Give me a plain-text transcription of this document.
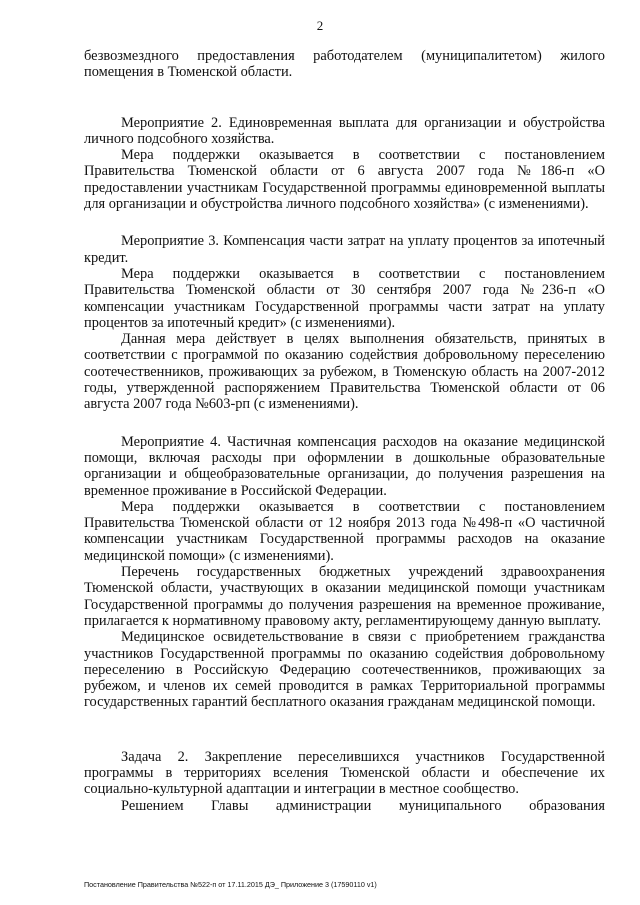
2

безвозмездного предоставления работодателем (муниципалитетом) жилого помещения в Тюменской области.

Мероприятие 2. Единовременная выплата для организации и обустройства личного подсобного хозяйства.

Мера поддержки оказывается в соответствии с постановлением Правительства Тюменской области от 6 августа 2007 года №186-п «О предоставлении участникам Государственной программы единовременной выплаты для организации и обустройства личного подсобного хозяйства» (с изменениями).

Мероприятие 3. Компенсация части затрат на уплату процентов за ипотечный кредит.

Мера поддержки оказывается в соответствии с постановлением Правительства Тюменской области от 30 сентября 2007 года №236-п «О компенсации участникам Государственной программы части затрат на уплату процентов за ипотечный кредит» (с изменениями).

Данная мера действует в целях выполнения обязательств, принятых в соответствии с программой по оказанию содействия добровольному переселению соотечественников, проживающих за рубежом, в Тюменскую область на 2007-2012 годы, утвержденной распоряжением Правительства Тюменской области от 06 августа 2007 года №603-рп (с изменениями).

Мероприятие 4. Частичная компенсация расходов на оказание медицинской помощи, включая расходы при оформлении в дошкольные образовательные организации и общеобразовательные организации, до получения разрешения на временное проживание в Российской Федерации.

Мера поддержки оказывается в соответствии с постановлением Правительства Тюменской области от 12 ноября 2013 года №498-п «О частичной компенсации участникам Государственной программы расходов на оказание медицинской помощи» (с изменениями).

Перечень государственных бюджетных учреждений здравоохранения Тюменской области, участвующих в оказании медицинской помощи участникам Государственной программы до получения разрешения на временное проживание, прилагается к нормативному правовому акту, регламентирующему данную выплату.

Медицинское освидетельствование в связи с приобретением гражданства участников Государственной программы по оказанию содействия добровольному переселению в Российскую Федерацию соотечественников, проживающих за рубежом, и членов их семей проводится в рамках Территориальной программы государственных гарантий бесплатного оказания гражданам медицинской помощи.

Задача 2. Закрепление переселившихся участников Государственной программы в территориях вселения Тюменской области и обеспечение их социально-культурной адаптации и интеграции в местное сообщество.

Решением Главы администрации муниципального образования

Постановление Правительства №522-п от 17.11.2015 ДЭ_ Приложение 3 (17590110 v1)
